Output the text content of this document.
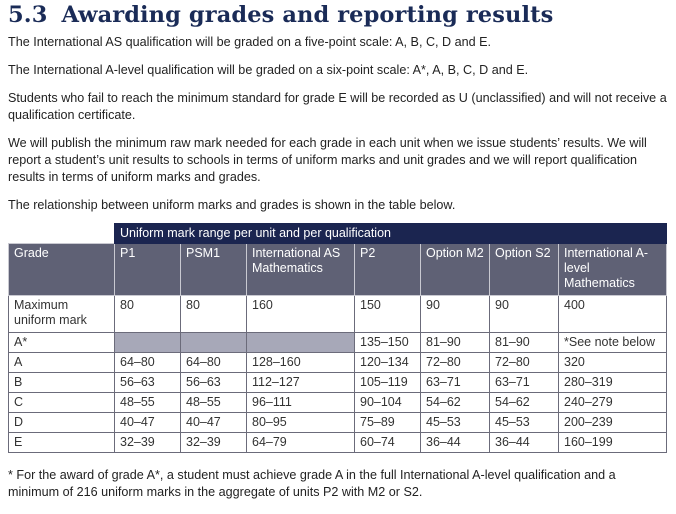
5.3 Awarding grades and reporting results

The International AS qualification will be graded on a five-point scale: A, B, C, D and E.

The International A-level qualification will be graded on a six-point scale: A*, A, B, C, D and E.

Students who fail to reach the minimum standard for grade E will be recorded as U (unclassified) and will not receive a qualification certificate.

We will publish the minimum raw mark needed for each grade in each unit when we issue students’ results. We will report a student’s unit results to schools in terms of uniform marks and unit grades and we will report qualification results in terms of uniform marks and grades.

The relationship between uniform marks and grades is shown in the table below.

	Uniform mark range per unit and per qualification						
Grade	P1	PSM1	International AS Mathematics	P2	Option M2	Option S2	International A-level Mathematics
Maximum uniform mark	80	80	160	150	90	90	400
A*				135–150	81–90	81–90	*See note below
A	64–80	64–80	128–160	120–134	72–80	72–80	320
B	56–63	56–63	112–127	105–119	63–71	63–71	280–319
C	48–55	48–55	96–111	90–104	54–62	54–62	240–279
D	40–47	40–47	80–95	75–89	45–53	45–53	200–239
E	32–39	32–39	64–79	60–74	36–44	36–44	160–199

* For the award of grade A*, a student must achieve grade A in the full International A-level qualification and a minimum of 216 uniform marks in the aggregate of units P2 with M2 or S2.
